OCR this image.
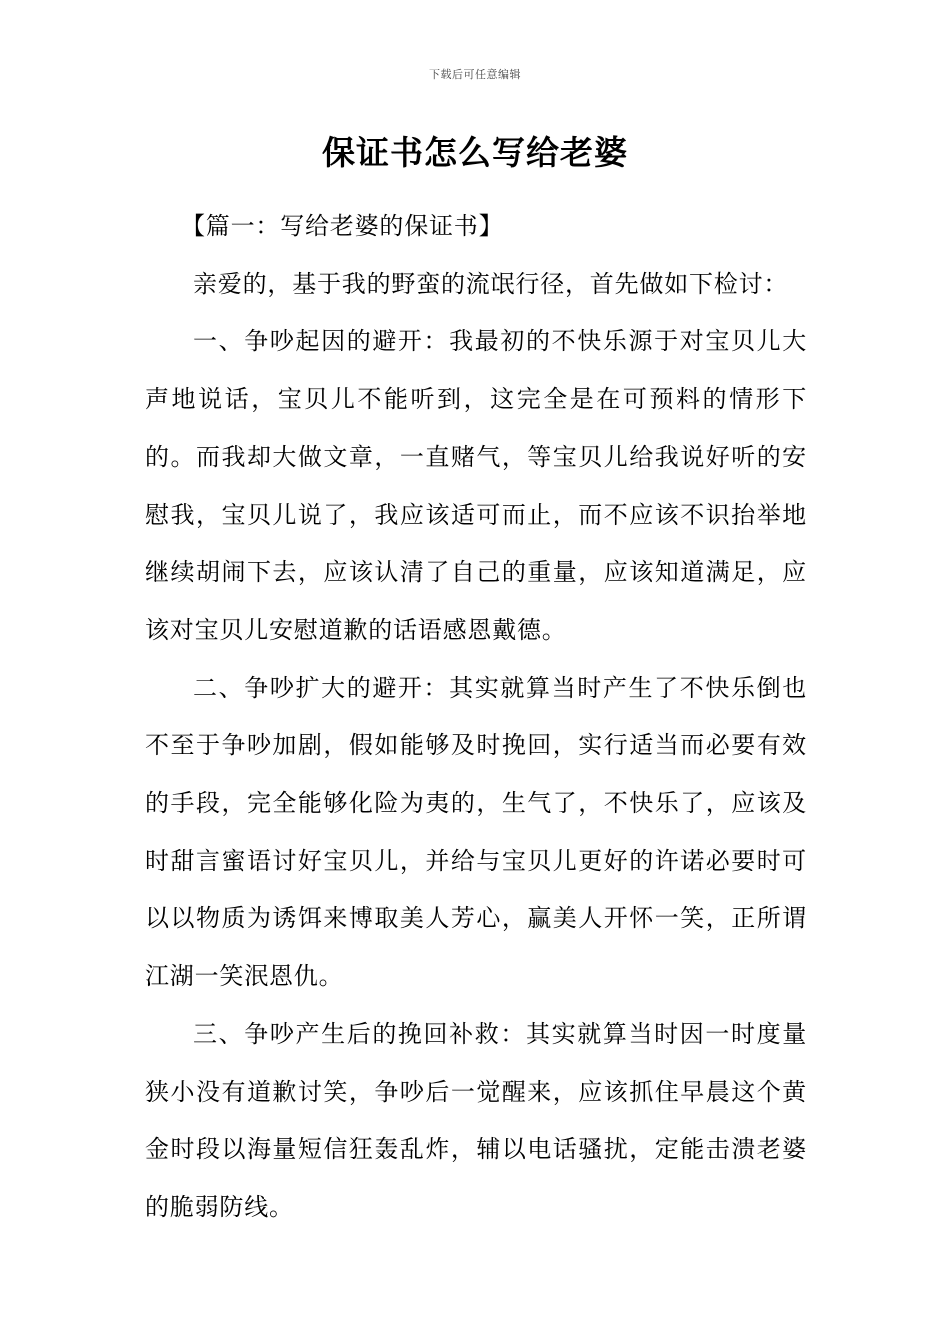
下载后可任意编辑
保证书怎么写给老婆

【篇一：写给老婆的保证书】

亲爱的，基于我的野蛮的流氓行径，首先做如下检讨：

一、争吵起因的避开：我最初的不快乐源于对宝贝儿大声地说话，宝贝儿不能听到，这完全是在可预料的情形下的。而我却大做文章，一直赌气，等宝贝儿给我说好听的安慰我，宝贝儿说了，我应该适可而止，而不应该不识抬举地继续胡闹下去，应该认清了自己的重量，应该知道满足，应该对宝贝儿安慰道歉的话语感恩戴德。

二、争吵扩大的避开：其实就算当时产生了不快乐倒也不至于争吵加剧，假如能够及时挽回，实行适当而必要有效的手段，完全能够化险为夷的，生气了，不快乐了，应该及时甜言蜜语讨好宝贝儿，并给与宝贝儿更好的许诺必要时可以以物质为诱饵来博取美人芳心，赢美人开怀一笑，正所谓江湖一笑泯恩仇。

三、争吵产生后的挽回补救：其实就算当时因一时度量狭小没有道歉讨笑，争吵后一觉醒来，应该抓住早晨这个黄金时段以海量短信狂轰乱炸，辅以电话骚扰，定能击溃老婆的脆弱防线。
